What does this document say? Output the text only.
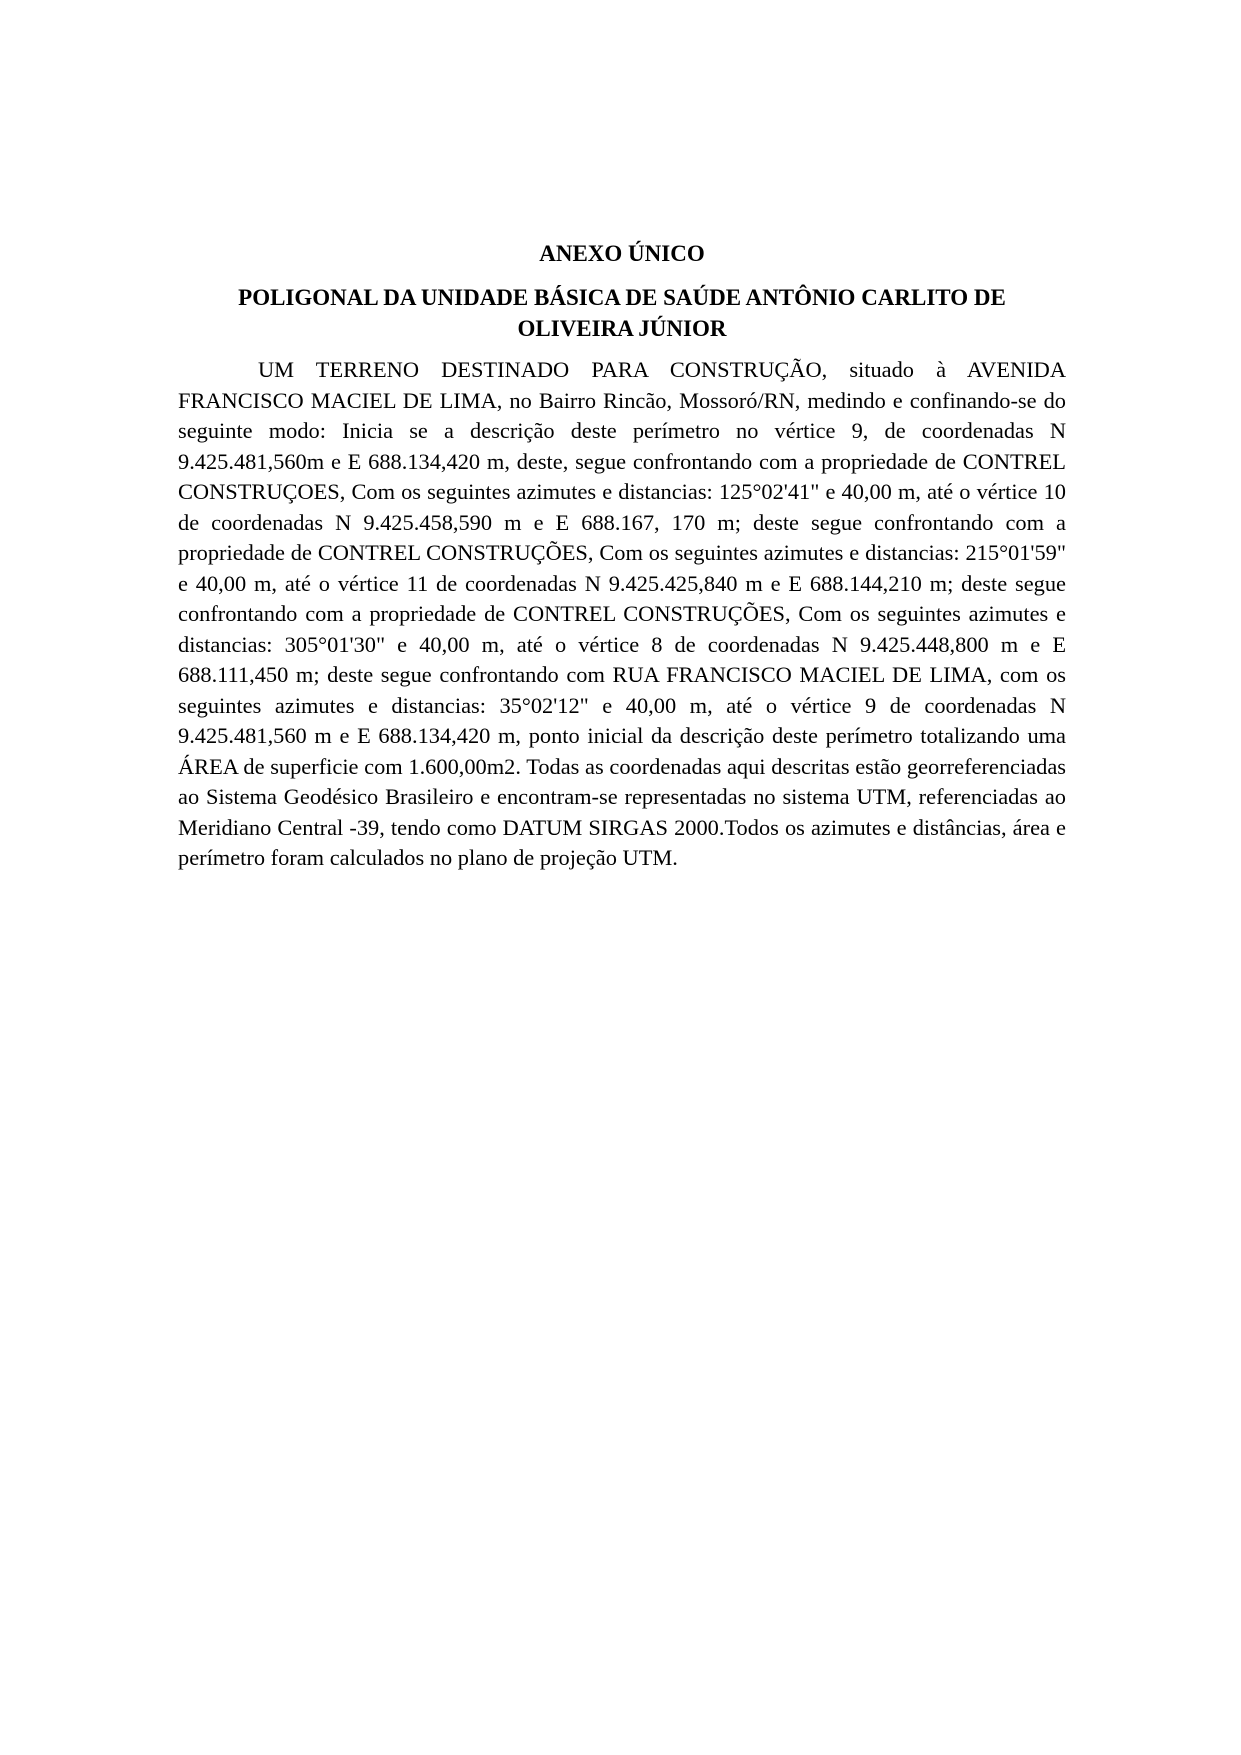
ANEXO ÚNICO
POLIGONAL DA UNIDADE BÁSICA DE SAÚDE ANTÔNIO CARLITO DE OLIVEIRA JÚNIOR

UM TERRENO DESTINADO PARA CONSTRUÇÃO, situado à AVENIDA FRANCISCO MACIEL DE LIMA, no Bairro Rincão, Mossoró/RN, medindo e confinando-se do seguinte modo: Inicia se a descrição deste perímetro no vértice 9, de coordenadas N 9.425.481,560m e E 688.134,420 m, deste, segue confrontando com a propriedade de CONTREL CONSTRUÇOES, Com os seguintes azimutes e distancias: 125°02'41" e 40,00 m, até o vértice 10 de coordenadas N 9.425.458,590 m e E 688.167, 170 m; deste segue confrontando com a propriedade de CONTREL CONSTRUÇÕES, Com os seguintes azimutes e distancias: 215°01'59" e 40,00 m, até o vértice 11 de coordenadas N 9.425.425,840 m e E 688.144,210 m; deste segue confrontando com a propriedade de CONTREL CONSTRUÇÕES, Com os seguintes azimutes e distancias: 305°01'30" e 40,00 m, até o vértice 8 de coordenadas N 9.425.448,800 m e E 688.111,450 m; deste segue confrontando com RUA FRANCISCO MACIEL DE LIMA, com os seguintes azimutes e distancias: 35°02'12" e 40,00 m, até o vértice 9 de coordenadas N 9.425.481,560 m e E 688.134,420 m, ponto inicial da descrição deste perímetro totalizando uma ÁREA de superficie com 1.600,00m2. Todas as coordenadas aqui descritas estão georreferenciadas ao Sistema Geodésico Brasileiro e encontram-se representadas no sistema UTM, referenciadas ao Meridiano Central -39, tendo como DATUM SIRGAS 2000.Todos os azimutes e distâncias, área e perímetro foram calculados no plano de projeção UTM.
